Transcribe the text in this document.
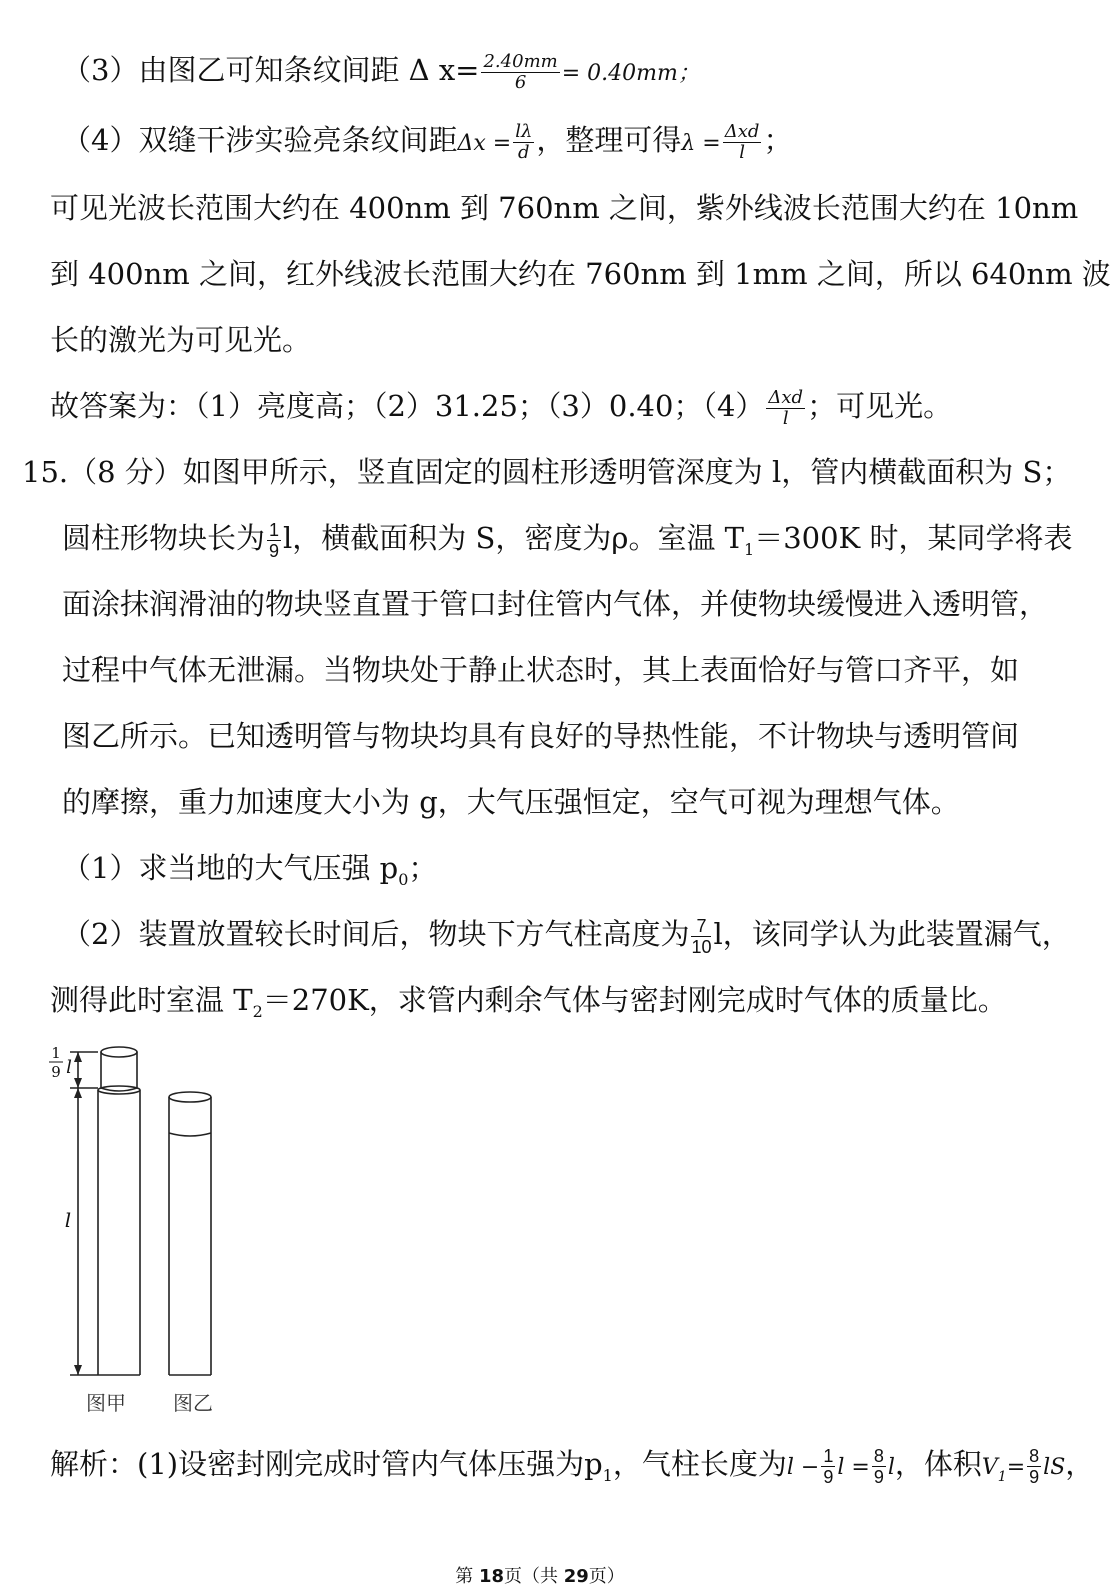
（3）由图乙可知条纹间距 Δ $x= \frac{2.40mm}{6} = 0.40mm$；
（4）双缝干涉实验亮条纹间距$\Delta x = \frac{l\lambda}{d}$ ，整理可得$\lambda = \frac{\text{Δxd}}{l}$ ；
可见光波长范围大约在 400nm 到 760nm 之间，紫外线波长范围大约在 10nm
到 400nm 之间，红外线波长范围大约在 760nm 到 1mm 之间，所以 640nm 波
长的激光为可见光。
故答案为：（1）亮度高；（2）31.25；（3）0.40；$(4) \frac{\text{Δxd}}{l}$ ；可见光。
15.（8 分）如图甲所示，竖直固定的圆柱形透明管深度为 l，管内横截面积为 S；
圆柱形物块长为 $\frac{1}{9}$ l，横截面积为 S，密度为ρ。室温 $T_1=300K$ 时，某同学将表
面涂抹润滑油的物块竖直置于管口封住管内气体，并使物块缓慢进入透明管，
过程中气体无泄漏。当物块处于静止状态时，其上表面恰好与管口齐平，如
图乙所示。已知透明管与物块均具有良好的导热性能，不计物块与透明管间
的摩擦，重力加速度大小为 g，大气压强恒定，空气可视为理想气体。
（1）求当地的大气压强 $p_0$；
（2）装置放置较长时间后，物块下方气柱高度为 $\frac{7}{10}$ l，该同学认为此装置漏气，
测得此时室温 $T_2=270K$，求管内剩余气体与密封刚完成时气体的质量比。
1
9 l
l
图甲 图乙
解析：(1)设密封刚完成时管内气体压强为$p_1$，气柱长度为$l - \frac{1}{9}$ $l = \frac{8}{9}$ l，体积$V_1= \frac{8}{9}$ lS，
第 18页（共 29页）
